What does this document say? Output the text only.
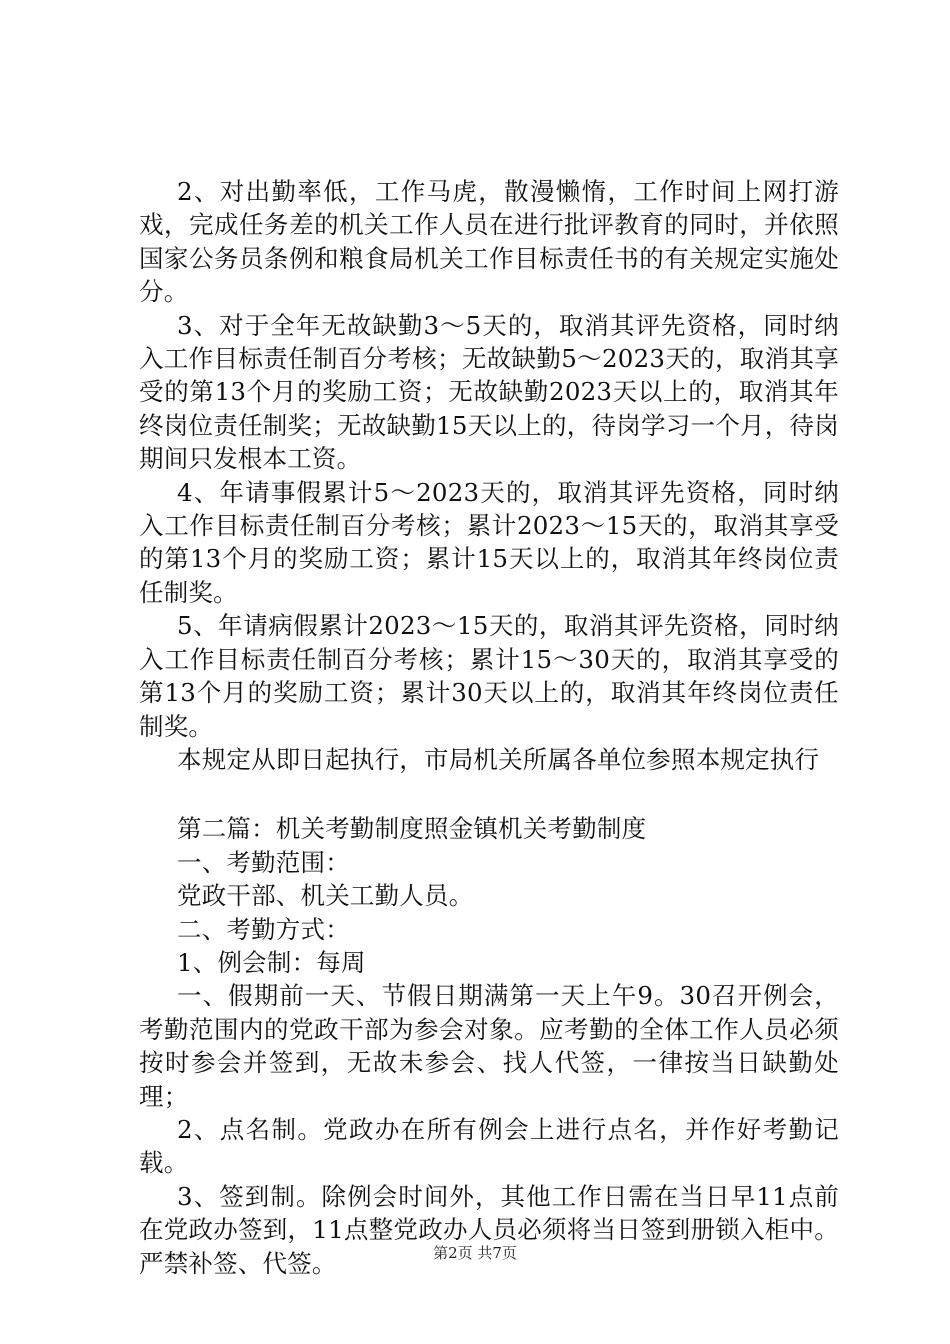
2、对出勤率低，工作马虎，散漫懒惰，工作时间上网打游戏，完成任务差的机关工作人员在进行批评教育的同时，并依照国家公务员条例和粮食局机关工作目标责任书的有关规定实施处分。

3、对于全年无故缺勤3～5天的，取消其评先资格，同时纳入工作目标责任制百分考核；无故缺勤5～2023天的，取消其享受的第13个月的奖励工资；无故缺勤2023天以上的，取消其年终岗位责任制奖；无故缺勤15天以上的，待岗学习一个月，待岗期间只发根本工资。

4、年请事假累计5～2023天的，取消其评先资格，同时纳入工作目标责任制百分考核；累计2023～15天的，取消其享受的第13个月的奖励工资；累计15天以上的，取消其年终岗位责任制奖。

5、年请病假累计2023～15天的，取消其评先资格，同时纳入工作目标责任制百分考核；累计15～30天的，取消其享受的第13个月的奖励工资；累计30天以上的，取消其年终岗位责任制奖。

本规定从即日起执行，市局机关所属各单位参照本规定执行

第二篇：机关考勤制度照金镇机关考勤制度

一、考勤范围：

党政干部、机关工勤人员。

二、考勤方式：

1、例会制：每周

一、假期前一天、节假日期满第一天上午9。30召开例会，考勤范围内的党政干部为参会对象。应考勤的全体工作人员必须按时参会并签到，无故未参会、找人代签，一律按当日缺勤处理；

2、点名制。党政办在所有例会上进行点名，并作好考勤记载。

3、签到制。除例会时间外，其他工作日需在当日早11点前在党政办签到，11点整党政办人员必须将当日签到册锁入柜中。严禁补签、代签。	第2页 共7页
